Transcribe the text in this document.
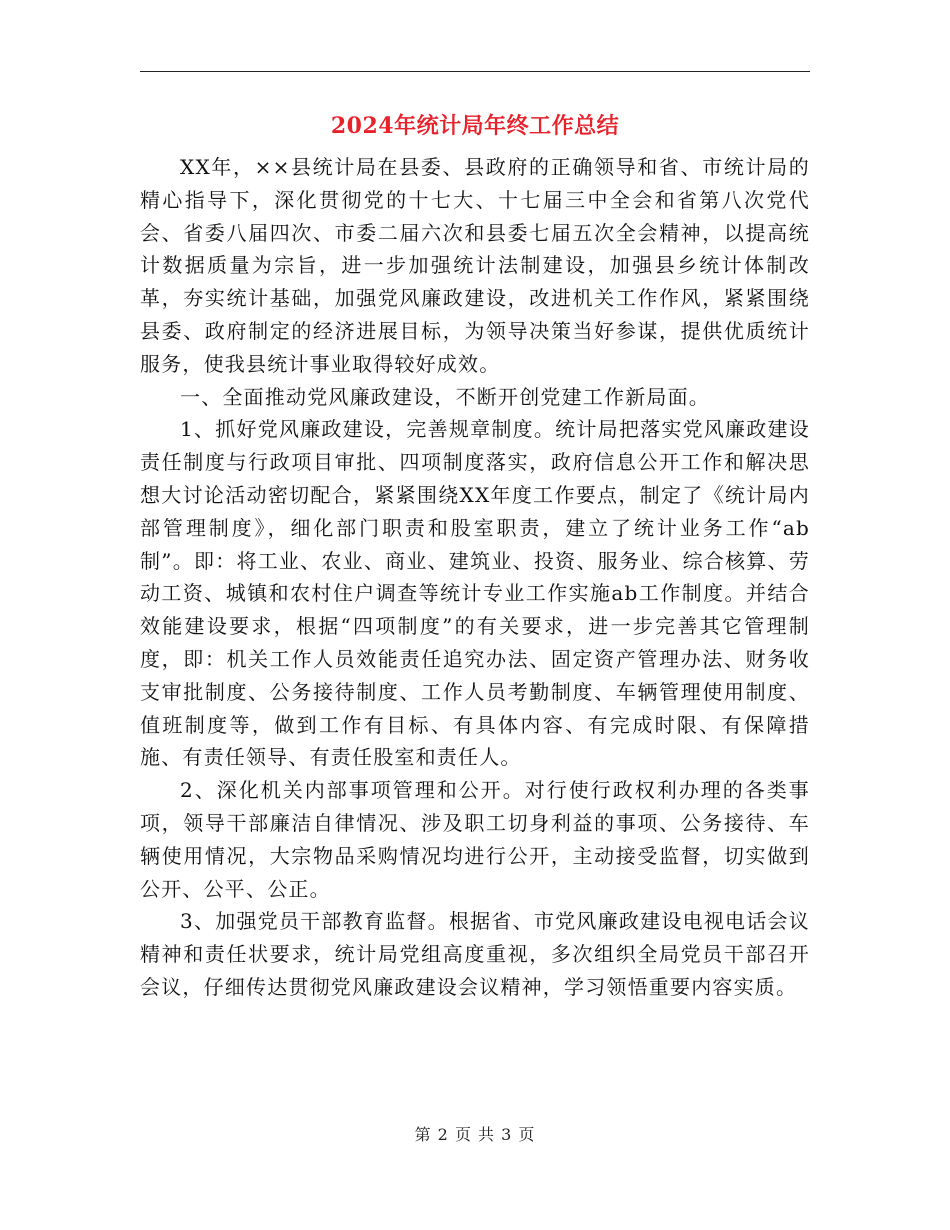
2024年统计局年终工作总结

XX年，××县统计局在县委、县政府的正确领导和省、市统计局的精心指导下，深化贯彻党的十七大、十七届三中全会和省第八次党代会、省委八届四次、市委二届六次和县委七届五次全会精神，以提高统计数据质量为宗旨，进一步加强统计法制建设，加强县乡统计体制改革，夯实统计基础，加强党风廉政建设，改进机关工作作风，紧紧围绕县委、政府制定的经济进展目标，为领导决策当好参谋，提供优质统计服务，使我县统计事业取得较好成效。

一、全面推动党风廉政建设，不断开创党建工作新局面。

1、抓好党风廉政建设，完善规章制度。统计局把落实党风廉政建设责任制度与行政项目审批、四项制度落实，政府信息公开工作和解决思想大讨论活动密切配合，紧紧围绕XX年度工作要点，制定了《统计局内部管理制度》，细化部门职责和股室职责，建立了统计业务工作“ab制”。即：将工业、农业、商业、建筑业、投资、服务业、综合核算、劳动工资、城镇和农村住户调查等统计专业工作实施ab工作制度。并结合效能建设要求，根据“四项制度”的有关要求，进一步完善其它管理制度，即：机关工作人员效能责任追究办法、固定资产管理办法、财务收支审批制度、公务接待制度、工作人员考勤制度、车辆管理使用制度、值班制度等，做到工作有目标、有具体内容、有完成时限、有保障措施、有责任领导、有责任股室和责任人。

2、深化机关内部事项管理和公开。对行使行政权利办理的各类事项，领导干部廉洁自律情况、涉及职工切身利益的事项、公务接待、车辆使用情况，大宗物品采购情况均进行公开，主动接受监督，切实做到公开、公平、公正。

3、加强党员干部教育监督。根据省、市党风廉政建设电视电话会议精神和责任状要求，统计局党组高度重视，多次组织全局党员干部召开会议，仔细传达贯彻党风廉政建设会议精神，学习领悟重要内容实质。

第 2 页 共 3 页
